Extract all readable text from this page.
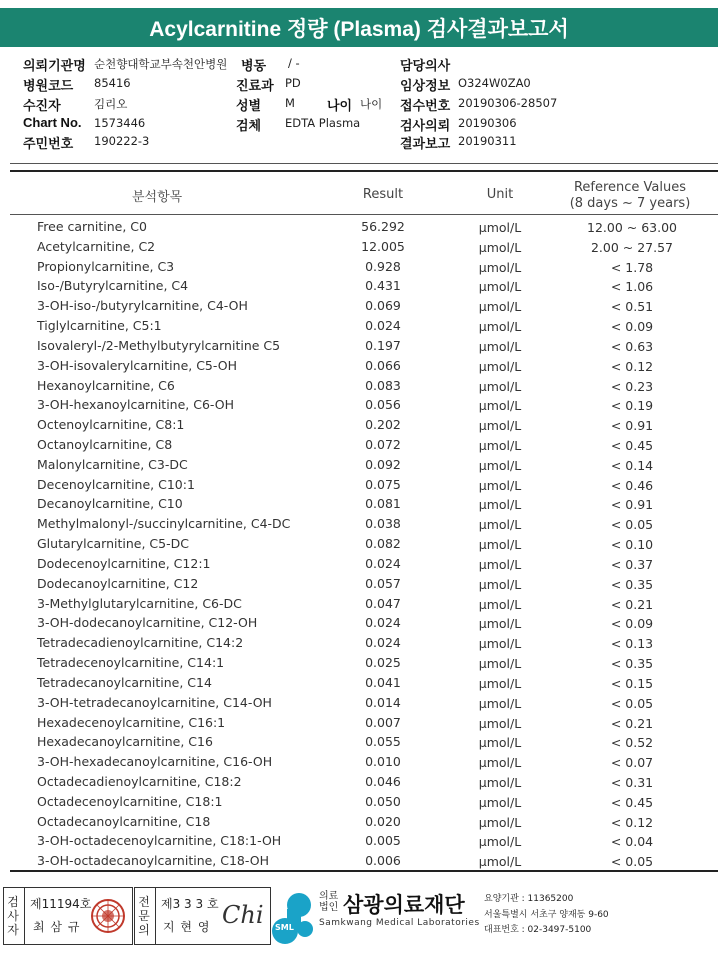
Acylcarnitine 정량 (Plasma) 검사결과보고서
의뢰기관명 순천향대학교부속천안병원 병동 / -	담당의사
병원코드 85416	진료과 PD	임상정보 O324W0ZA0
수진자	김리오	성별 M 나이 나이 접수번호 20190306-28507
Chart No. 1573446	검체 EDTA Plasma	검사의뢰 20190306
주민번호 190222-3	결과보고 20190311
분석항목	Result	Unit	Reference Values
(8 days ~ 7 years)
Free carnitine, C0	56.292	μmol/L	12.00 ~ 63.00
Acetylcarnitine, C2	12.005	μmol/L	2.00 ~ 27.57
Propionylcarnitine, C3	0.928	μmol/L	< 1.78
Iso-/Butyrylcarnitine, C4	0.431	μmol/L	< 1.06
3-OH-iso-/butyrylcarnitine, C4-OH	0.069	μmol/L	< 0.51
Tiglylcarnitine, C5:1	0.024	μmol/L	< 0.09
Isovaleryl-/2-Methylbutyrylcarnitine C5	0.197	μmol/L	< 0.63
3-OH-isovalerylcarnitine, C5-OH	0.066	μmol/L	< 0.12
Hexanoylcarnitine, C6	0.083	μmol/L	< 0.23
3-OH-hexanoylcarnitine, C6-OH	0.056	μmol/L	< 0.19
Octenoylcarnitine, C8:1	0.202	μmol/L	< 0.91
Octanoylcarnitine, C8	0.072	μmol/L	< 0.45
Malonylcarnitine, C3-DC	0.092	μmol/L	< 0.14
Decenoylcarnitine, C10:1	0.075	μmol/L	< 0.46
Decanoylcarnitine, C10	0.081	μmol/L	< 0.91
Methylmalonyl-/succinylcarnitine, C4-DC	0.038	μmol/L	< 0.05
Glutarylcarnitine, C5-DC	0.082	μmol/L	< 0.10
Dodecenoylcarnitine, C12:1	0.024	μmol/L	< 0.37
Dodecanoylcarnitine, C12	0.057	μmol/L	< 0.35
3-Methylglutarylcarnitine, C6-DC	0.047	μmol/L	< 0.21
3-OH-dodecanoylcarnitine, C12-OH	0.024	μmol/L	< 0.09
Tetradecadienoylcarnitine, C14:2	0.024	μmol/L	< 0.13
Tetradecenoylcarnitine, C14:1	0.025	μmol/L	< 0.35
Tetradecanoylcarnitine, C14	0.041	μmol/L	< 0.15
3-OH-tetradecanoylcarnitine, C14-OH	0.014	μmol/L	< 0.05
Hexadecenoylcarnitine, C16:1	0.007	μmol/L	< 0.21
Hexadecanoylcarnitine, C16	0.055	μmol/L	< 0.52
3-OH-hexadecanoylcarnitine, C16-OH	0.010	μmol/L	< 0.07
Octadecadienoylcarnitine, C18:2	0.046	μmol/L	< 0.31
Octadecenoylcarnitine, C18:1	0.050	μmol/L	< 0.45
Octadecanoylcarnitine, C18	0.020	μmol/L	< 0.12
3-OH-octadecenoylcarnitine, C18:1-OH	0.005	μmol/L	< 0.04
3-OH-octadecanoylcarnitine, C18-OH	0.006	μmol/L	< 0.05
검사자
제11194호
최 삼 규
전문의
제3 3 3 호
지 현 영 Chi SML
의료
법인 삼광의료재단
Samkwang Medical Laboratories
요양기관 : 11365200
서울특별시 서초구 양재동 9-60
대표번호 : 02-3497-5100
